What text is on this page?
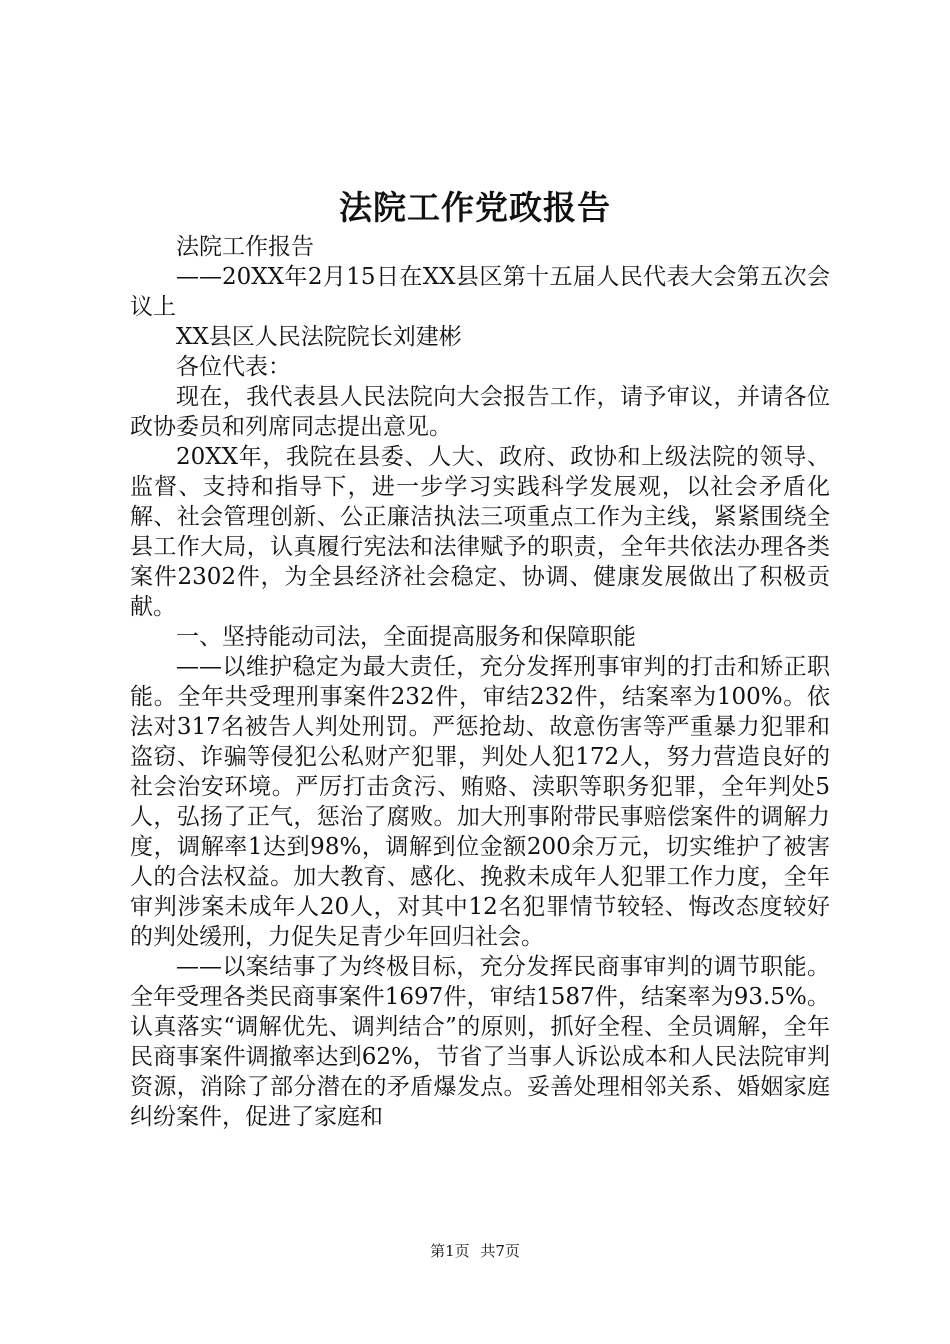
法院工作党政报告

法院工作报告

——20XX年2月15日在XX县区第十五届人民代表大会第五次会议上

XX县区人民法院院长刘建彬

各位代表：

现在，我代表县人民法院向大会报告工作，请予审议，并请各位政协委员和列席同志提出意见。

20XX年，我院在县委、人大、政府、政协和上级法院的领导、监督、支持和指导下，进一步学习实践科学发展观，以社会矛盾化解、社会管理创新、公正廉洁执法三项重点工作为主线，紧紧围绕全县工作大局，认真履行宪法和法律赋予的职责，全年共依法办理各类案件2302件，为全县经济社会稳定、协调、健康发展做出了积极贡献。

一、坚持能动司法，全面提高服务和保障职能

——以维护稳定为最大责任，充分发挥刑事审判的打击和矫正职能。全年共受理刑事案件232件，审结232件，结案率为100%。依法对317名被告人判处刑罚。严惩抢劫、故意伤害等严重暴力犯罪和盗窃、诈骗等侵犯公私财产犯罪，判处人犯172人，努力营造良好的社会治安环境。严厉打击贪污、贿赂、渎职等职务犯罪，全年判处5人，弘扬了正气，惩治了腐败。加大刑事附带民事赔偿案件的调解力度，调解率1达到98%，调解到位金额200余万元，切实维护了被害人的合法权益。加大教育、感化、挽救未成年人犯罪工作力度，全年审判涉案未成年人20人，对其中12名犯罪情节较轻、悔改态度较好的判处缓刑，力促失足青少年回归社会。

——以案结事了为终极目标，充分发挥民商事审判的调节职能。全年受理各类民商事案件1697件，审结1587件，结案率为93.5%。认真落实“调解优先、调判结合”的原则，抓好全程、全员调解，全年民商事案件调撤率达到62%，节省了当事人诉讼成本和人民法院审判资源，消除了部分潜在的矛盾爆发点。妥善处理相邻关系、婚姻家庭纠纷案件，促进了家庭和

第1页 共7页
